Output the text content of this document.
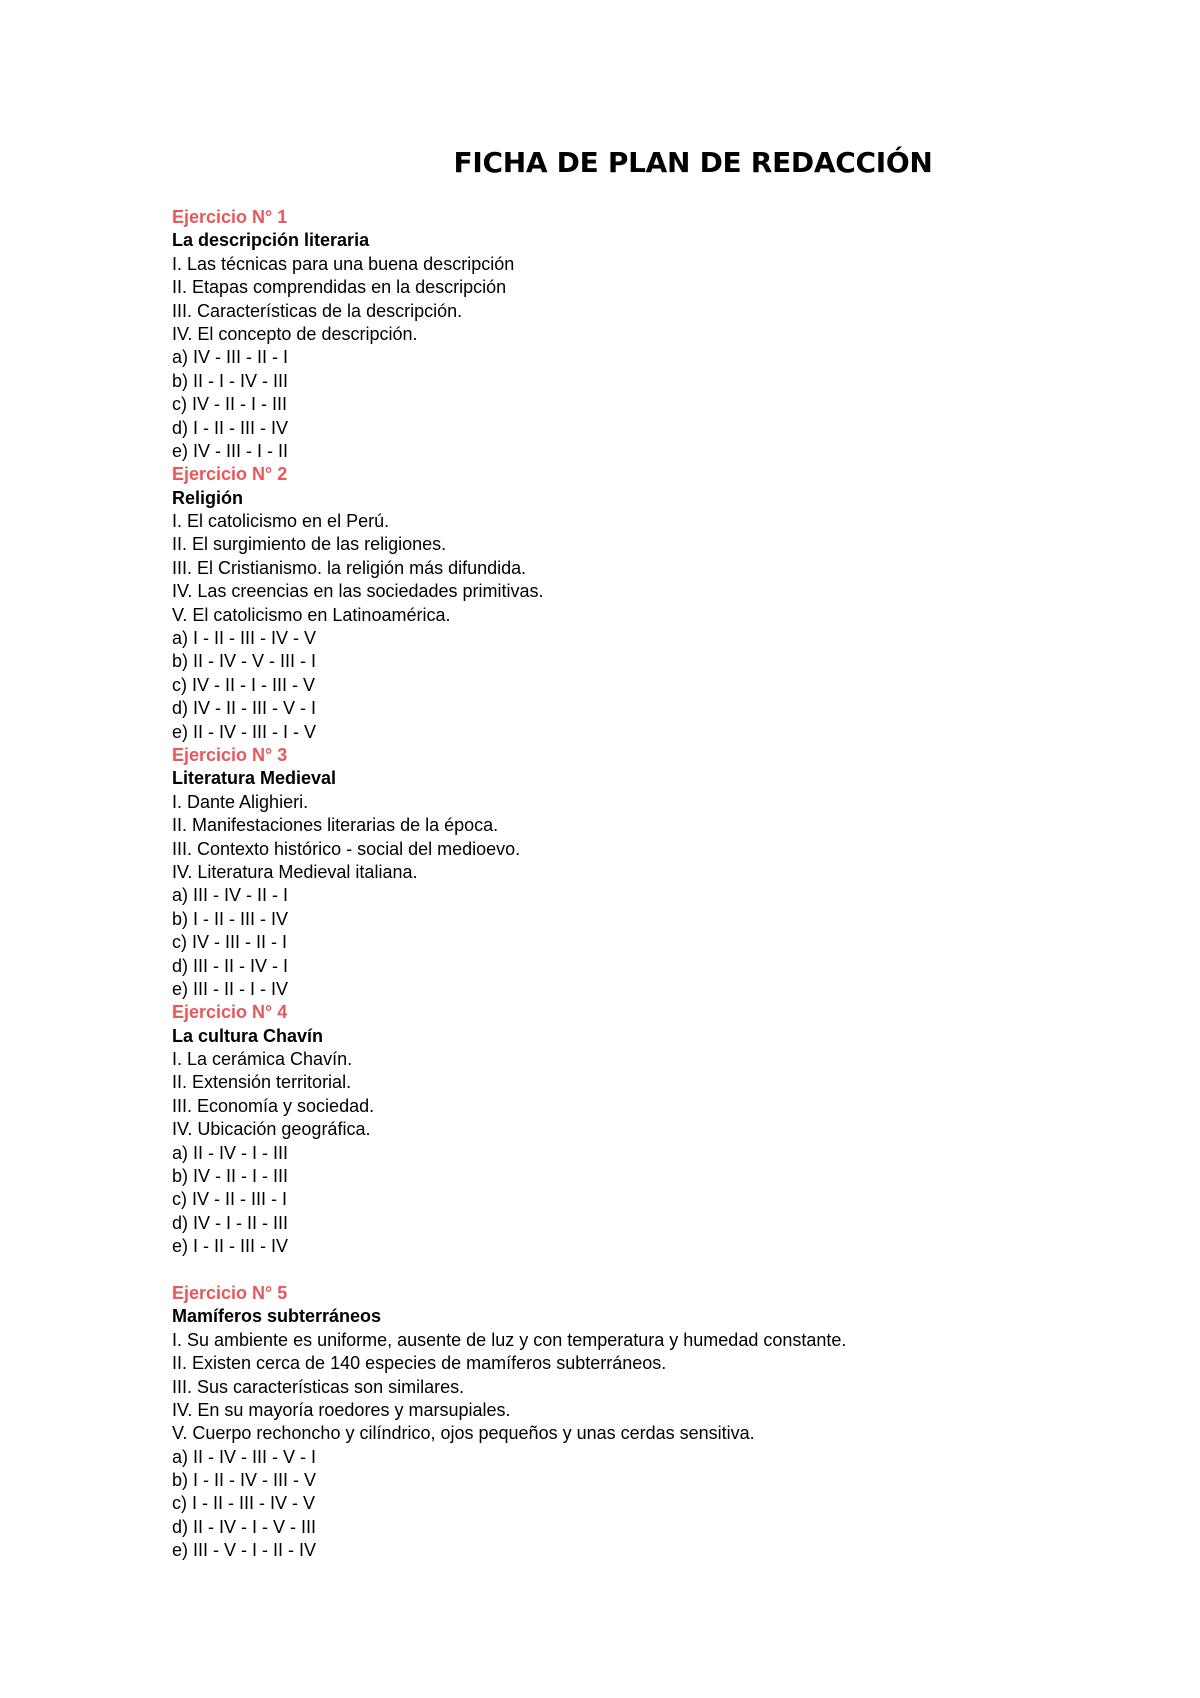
FICHA DE PLAN DE REDACCIÓN
Ejercicio N° 1
La descripción literaria
I. Las técnicas para una buena descripción
II. Etapas comprendidas en la descripción
III. Características de la descripción.
IV. El concepto de descripción.
a) IV - III - II - I
b) II - I - IV - III
c) IV - II - I - III
d) I - II - III - IV
e) IV - III - I - II
Ejercicio N° 2
Religión
I. El catolicismo en el Perú.
II. El surgimiento de las religiones.
III. El Cristianismo. la religión más difundida.
IV. Las creencias en las sociedades primitivas.
V. El catolicismo en Latinoamérica.
a) I - II - III - IV - V
b) II - IV - V - III - I
c) IV - II - I - III - V
d) IV - II - III - V - I
e) II - IV - III - I - V
Ejercicio N° 3
Literatura Medieval
I. Dante Alighieri.
II. Manifestaciones literarias de la época.
III. Contexto histórico - social del medioevo.
IV. Literatura Medieval italiana.
a) III - IV - II - I
b) I - II - III - IV
c) IV - III - II - I
d) III - II - IV - I
e) III - II - I - IV
Ejercicio N° 4
La cultura Chavín
I. La cerámica Chavín.
II. Extensión territorial.
III. Economía y sociedad.
IV. Ubicación geográfica.
a) II - IV - I - III
b) IV - II - I - III
c) IV - II - III - I
d) IV - I - II - III
e) I - II - III - IV
Ejercicio N° 5
Mamíferos subterráneos
I. Su ambiente es uniforme, ausente de luz y con temperatura y humedad constante.
II. Existen cerca de 140 especies de mamíferos subterráneos.
III. Sus características son similares.
IV. En su mayoría roedores y marsupiales.
V. Cuerpo rechoncho y cilíndrico, ojos pequeños y unas cerdas sensitiva.
a) II - IV - III - V - I
b) I - II - IV - III - V
c) I - II - III - IV - V
d) II - IV - I - V - III
e) III - V - I - II - IV
